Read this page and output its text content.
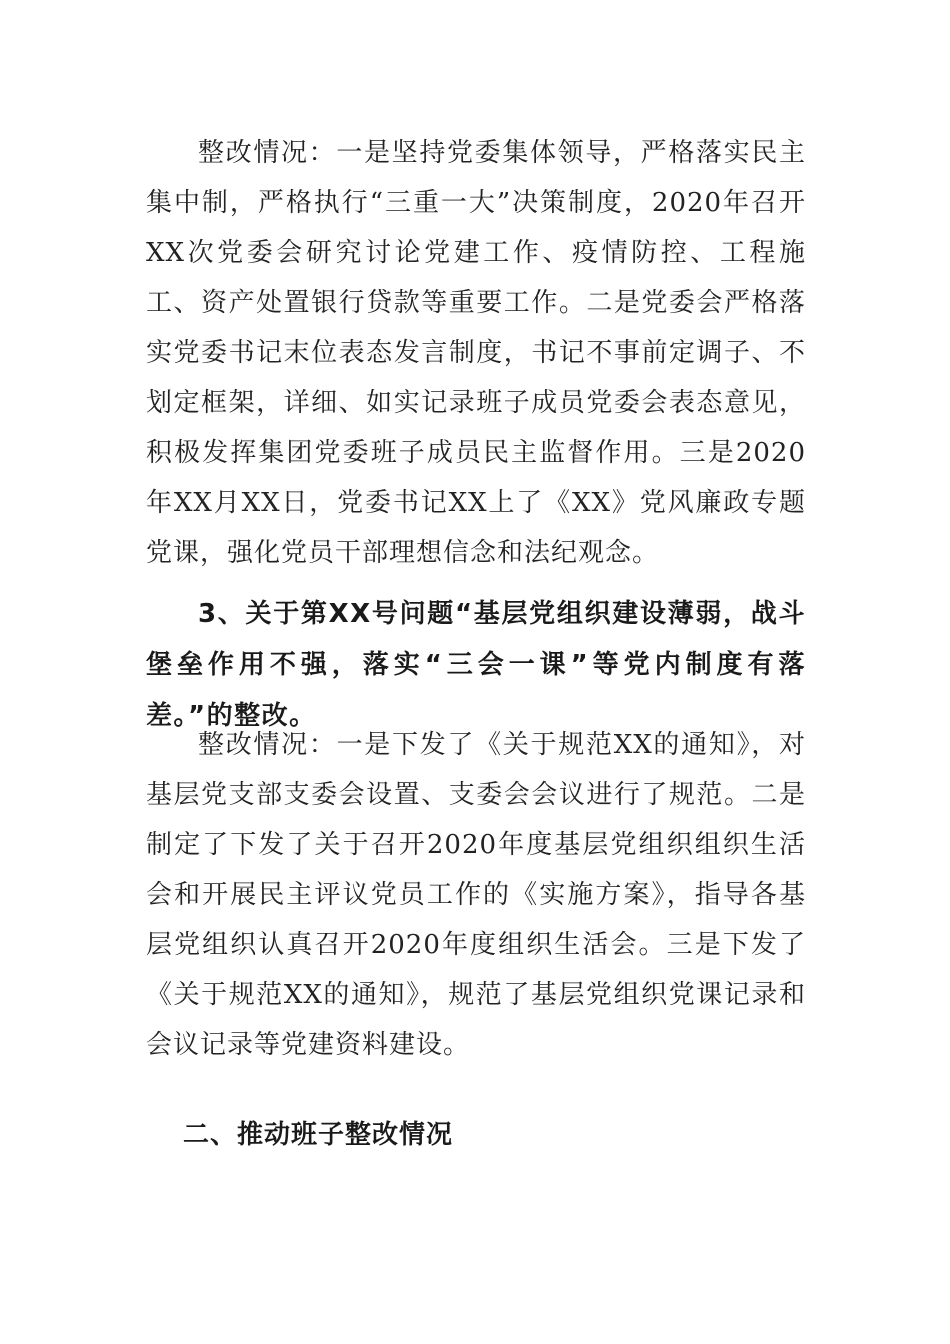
整改情况：一是坚持党委集体领导，严格落实民主集中制，严格执行“三重一大”决策制度，2020年召开XX次党委会研究讨论党建工作、疫情防控、工程施工、资产处置银行贷款等重要工作。二是党委会严格落实党委书记末位表态发言制度，书记不事前定调子、不划定框架，详细、如实记录班子成员党委会表态意见，积极发挥集团党委班子成员民主监督作用。三是2020年XX月XX日，党委书记XX上了《XX》党风廉政专题党课，强化党员干部理想信念和法纪观念。

3、关于第XX号问题“基层党组织建设薄弱，战斗堡垒作用不强，落实“三会一课”等党内制度有落差。”的整改。

整改情况：一是下发了《关于规范XX的通知》，对基层党支部支委会设置、支委会会议进行了规范。二是制定了下发了关于召开2020年度基层党组织组织生活会和开展民主评议党员工作的《实施方案》，指导各基层党组织认真召开2020年度组织生活会。三是下发了《关于规范XX的通知》，规范了基层党组织党课记录和会议记录等党建资料建设。

二、推动班子整改情况
